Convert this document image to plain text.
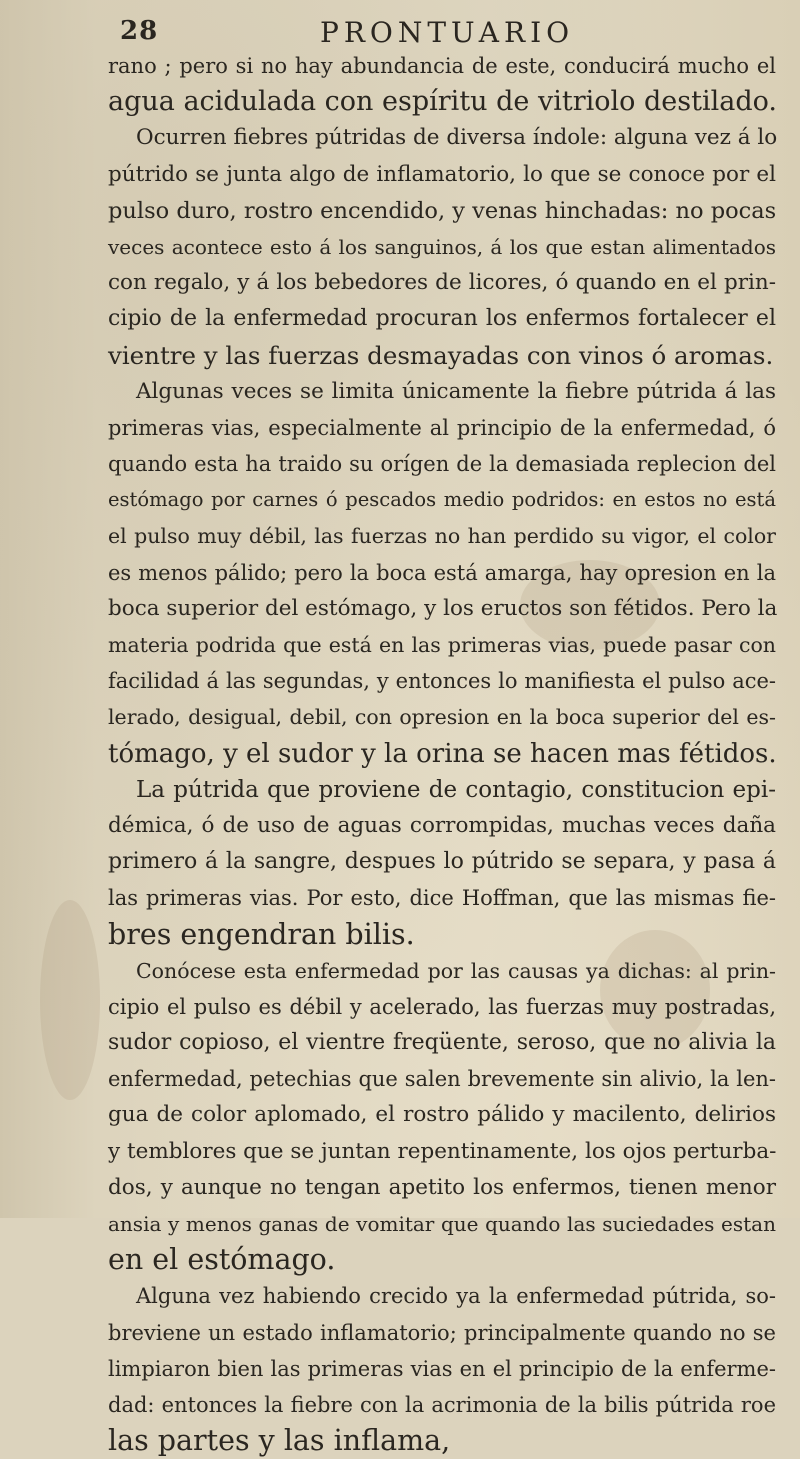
28	PRONTUARIO
rano ; pero si no hay abundancia de este, conducirá mucho el
agua acidulada con espíritu de vitriolo destilado.
Ocurren fiebres pútridas de diversa índole: alguna vez á lo
pútrido se junta algo de inflamatorio, lo que se conoce por el
pulso duro, rostro encendido, y venas hinchadas: no pocas
veces acontece esto á los sanguinos, á los que estan alimentados
con regalo, y á los bebedores de licores, ó quando en el prin-
cipio de la enfermedad procuran los enfermos fortalecer el
vientre y las fuerzas desmayadas con vinos ó aromas.
Algunas veces se limita únicamente la fiebre pútrida á las
primeras vias, especialmente al principio de la enfermedad, ó
quando esta ha traido su orígen de la demasiada replecion del
estómago por carnes ó pescados medio podridos: en estos no está
el pulso muy débil, las fuerzas no han perdido su vigor, el color
es menos pálido; pero la boca está amarga, hay opresion en la
boca superior del estómago, y los eructos son fétidos. Pero la
materia podrida que está en las primeras vias, puede pasar con
facilidad á las segundas, y entonces lo manifiesta el pulso ace-
lerado, desigual, debil, con opresion en la boca superior del es-
tómago, y el sudor y la orina se hacen mas fétidos.
La pútrida que proviene de contagio, constitucion epi-
démica, ó de uso de aguas corrompidas, muchas veces daña
primero á la sangre, despues lo pútrido se separa, y pasa á
las primeras vias. Por esto, dice Hoffman, que las mismas fie-
bres engendran bilis.
Conócese esta enfermedad por las causas ya dichas: al prin-
cipio el pulso es débil y acelerado, las fuerzas muy postradas,
sudor copioso, el vientre freqüente, seroso, que no alivia la
enfermedad, petechias que salen brevemente sin alivio, la len-
gua de color aplomado, el rostro pálido y macilento, delirios
y temblores que se juntan repentinamente, los ojos perturba-
dos, y aunque no tengan apetito los enfermos, tienen menor
ansia y menos ganas de vomitar que quando las suciedades estan
en el estómago.
Alguna vez habiendo crecido ya la enfermedad pútrida, so-
breviene un estado inflamatorio; principalmente quando no se
limpiaron bien las primeras vias en el principio de la enferme-
dad: entonces la fiebre con la acrimonia de la bilis pútrida roe
las partes y las inflama,
